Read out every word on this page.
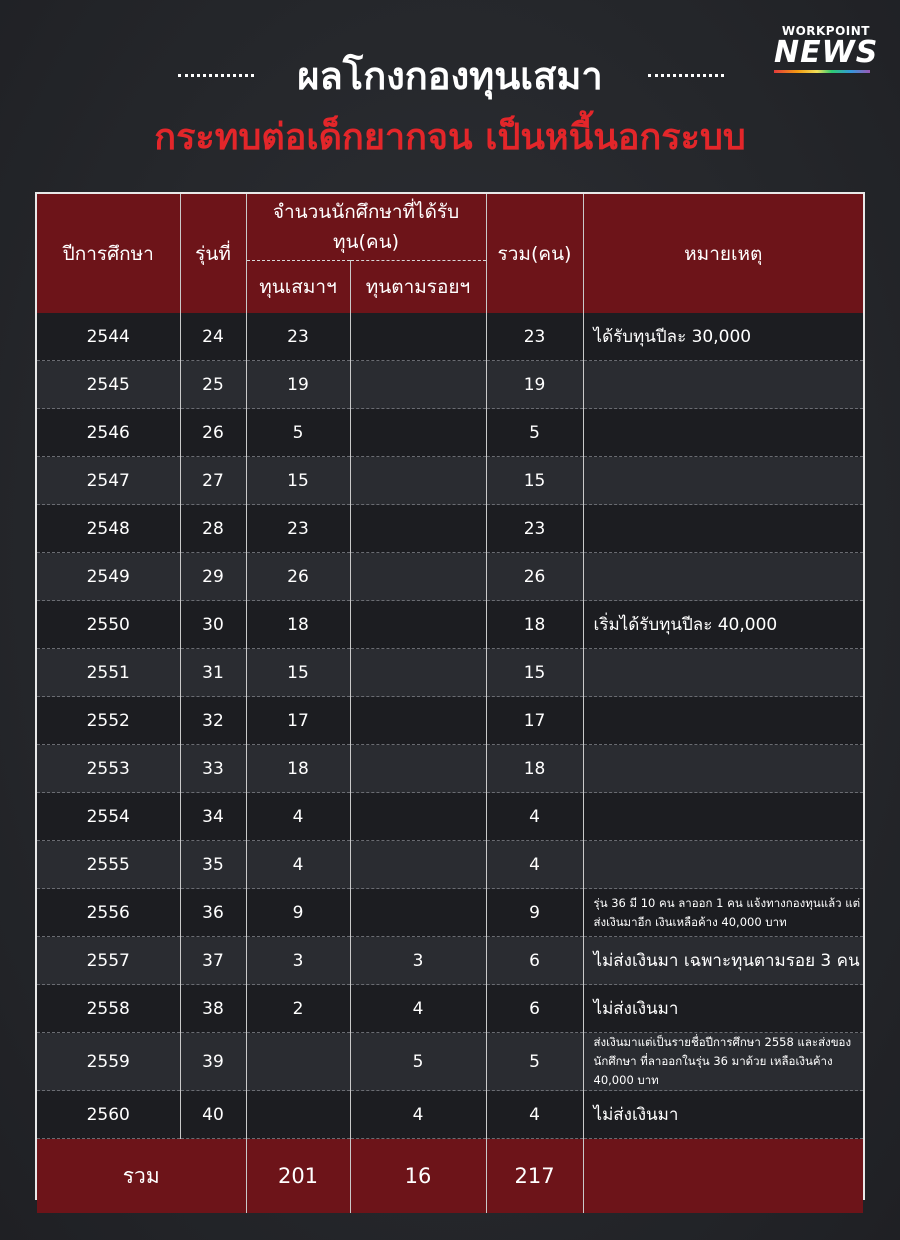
WORKPOINT
NEWS
ผลโกงกองทุนเสมา
กระทบต่อเด็กยากจน เป็นหนี้นอกระบบ
ปีการศึกษา	รุ่นที่	จำนวนนักศึกษาที่ได้รับทุน(คน)		รวม(คน)	หมายเหตุ
		ทุนเสมาฯ	ทุนตามรอยฯ		
2544	24	23		23	ได้รับทุนปีละ 30,000
2545	25	19		19	
2546	26	5		5	
2547	27	15		15	
2548	28	23		23	
2549	29	26		26	
2550	30	18		18	เริ่มได้รับทุนปีละ 40,000
2551	31	15		15	
2552	32	17		17	
2553	33	18		18	
2554	34	4		4	
2555	35	4		4	
2556	36	9		9	รุ่น 36 มี 10 คน ลาออก 1 คน แจ้งทางกองทุนแล้ว แต่ส่งเงินมาอีก เงินเหลือค้าง 40,000 บาท
2557	37	3	3	6	ไม่ส่งเงินมา เฉพาะทุนตามรอย 3 คน
2558	38	2	4	6	ไม่ส่งเงินมา
2559	39		5	5	ส่งเงินมาแต่เป็นรายชื่อปีการศึกษา 2558 และส่งของนักศึกษา ที่ลาออกในรุ่น 36 มาด้วย เหลือเงินค้าง 40,000 บาท
2560	40		4	4	ไม่ส่งเงินมา
รวม		201	16	217	
